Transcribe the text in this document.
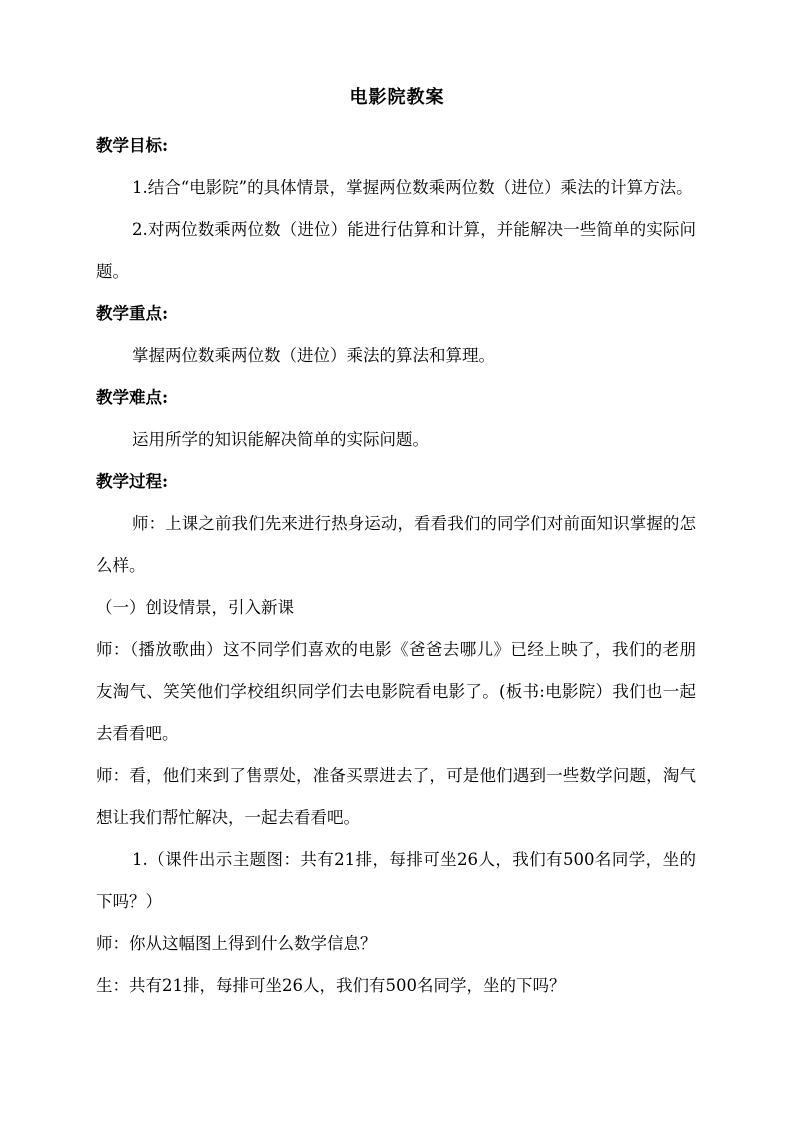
电影院教案

教学目标:

1.结合“电影院”的具体情景，掌握两位数乘两位数（进位）乘法的计算方法。

2.对两位数乘两位数（进位）能进行估算和计算，并能解决一些简单的实际问题。

教学重点:

掌握两位数乘两位数（进位）乘法的算法和算理。

教学难点:

运用所学的知识能解决简单的实际问题。

教学过程:

师：上课之前我们先来进行热身运动，看看我们的同学们对前面知识掌握的怎么样。

（一）创设情景，引入新课

师：（播放歌曲）这不同学们喜欢的电影《爸爸去哪儿》已经上映了，我们的老朋友淘气、笑笑他们学校组织同学们去电影院看电影了。(板书:电影院）我们也一起去看看吧。

师：看，他们来到了售票处，准备买票进去了，可是他们遇到一些数学问题，淘气想让我们帮忙解决，一起去看看吧。

1.（课件出示主题图：共有21排，每排可坐26人，我们有500名同学，坐的下吗？）

师：你从这幅图上得到什么数学信息？

生：共有21排，每排可坐26人，我们有500名同学，坐的下吗？
